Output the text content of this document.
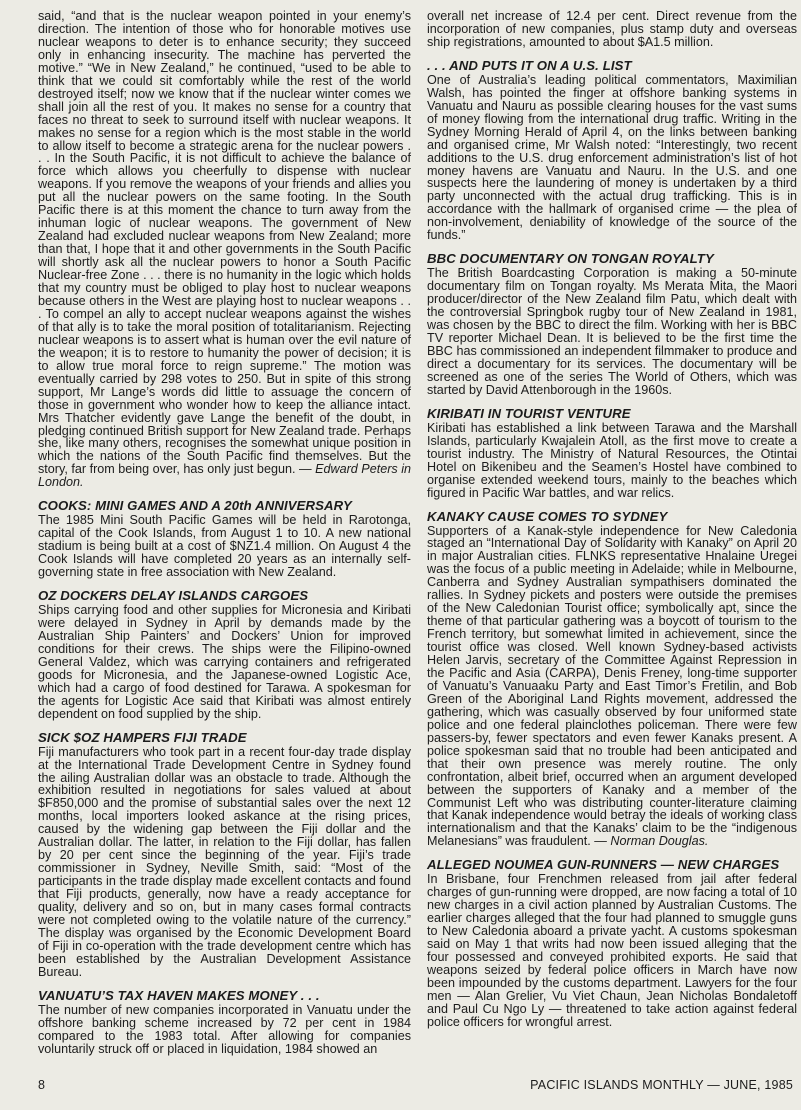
said, “and that is the nuclear weapon pointed in your enemy’s direction. The intention of those who for honorable motives use nuclear weapons to deter is to enhance security; they succeed only in enhancing insecurity. The machine has perverted the motive.” “We in New Zealand,” he continued, “used to be able to think that we could sit comfortably while the rest of the world destroyed itself; now we know that if the nuclear winter comes we shall join all the rest of you. It makes no sense for a country that faces no threat to seek to surround itself with nuclear weapons. It makes no sense for a region which is the most stable in the world to allow itself to become a strategic arena for the nuclear powers . . . In the South Pacific, it is not difficult to achieve the balance of force which allows you cheerfully to dispense with nuclear weapons. If you remove the weapons of your friends and allies you put all the nuclear powers on the same footing. In the South Pacific there is at this moment the chance to turn away from the inhuman logic of nuclear weapons. The government of New Zealand had excluded nuclear weapons from New Zealand; more than that, I hope that it and other governments in the South Pacific will shortly ask all the nuclear powers to honor a South Pacific Nuclear-free Zone . . . there is no humanity in the logic which holds that my country must be obliged to play host to nuclear weapons because others in the West are playing host to nuclear weapons . . . To compel an ally to accept nuclear weapons against the wishes of that ally is to take the moral position of totalitarianism. Rejecting nuclear weapons is to assert what is human over the evil nature of the weapon; it is to restore to humanity the power of decision; it is to allow true moral force to reign supreme.” The motion was eventually carried by 298 votes to 250. But in spite of this strong support, Mr Lange’s words did little to assuage the concern of those in government who wonder how to keep the alliance intact. Mrs Thatcher evidently gave Lange the benefit of the doubt, in pledging continued British support for New Zealand trade. Perhaps she, like many others, recognises the somewhat unique position in which the nations of the South Pacific find themselves. But the story, far from being over, has only just begun. — Edward Peters in London.

COOKS: MINI GAMES AND A 20th ANNIVERSARY

The 1985 Mini South Pacific Games will be held in Rarotonga, capital of the Cook Islands, from August 1 to 10. A new national stadium is being built at a cost of $NZ1.4 million. On August 4 the Cook Islands will have completed 20 years as an internally self-governing state in free association with New Zealand.

OZ DOCKERS DELAY ISLANDS CARGOES

Ships carrying food and other supplies for Micronesia and Kiribati were delayed in Sydney in April by demands made by the Australian Ship Painters’ and Dockers’ Union for improved conditions for their crews. The ships were the Filipino-owned General Valdez, which was carrying containers and refrigerated goods for Micronesia, and the Japanese-owned Logistic Ace, which had a cargo of food destined for Tarawa. A spokesman for the agents for Logistic Ace said that Kiribati was almost entirely dependent on food supplied by the ship.

SICK $OZ HAMPERS FIJI TRADE

Fiji manufacturers who took part in a recent four-day trade display at the International Trade Development Centre in Sydney found the ailing Australian dollar was an obstacle to trade. Although the exhibition resulted in negotiations for sales valued at about $F850,000 and the promise of substantial sales over the next 12 months, local importers looked askance at the rising prices, caused by the widening gap between the Fiji dollar and the Australian dollar. The latter, in relation to the Fiji dollar, has fallen by 20 per cent since the beginning of the year. Fiji’s trade commissioner in Sydney, Neville Smith, said: “Most of the participants in the trade display made excellent contacts and found that Fiji products, generally, now have a ready acceptance for quality, delivery and so on, but in many cases formal contracts were not completed owing to the volatile nature of the currency.” The display was organised by the Economic Development Board of Fiji in co-operation with the trade development centre which has been established by the Australian Development Assistance Bureau.

VANUATU’S TAX HAVEN MAKES MONEY . . .

The number of new companies incorporated in Vanuatu under the offshore banking scheme increased by 72 per cent in 1984 compared to the 1983 total. After allowing for companies voluntarily struck off or placed in liquidation, 1984 showed an

overall net increase of 12.4 per cent. Direct revenue from the incorporation of new companies, plus stamp duty and overseas ship registrations, amounted to about $A1.5 million.

. . . AND PUTS IT ON A U.S. LIST

One of Australia’s leading political commentators, Maximilian Walsh, has pointed the finger at offshore banking systems in Vanuatu and Nauru as possible clearing houses for the vast sums of money flowing from the international drug traffic. Writing in the Sydney Morning Herald of April 4, on the links between banking and organised crime, Mr Walsh noted: “Interestingly, two recent additions to the U.S. drug enforcement administration’s list of hot money havens are Vanuatu and Nauru. In the U.S. and one suspects here the laundering of money is undertaken by a third party unconnected with the actual drug trafficking. This is in accordance with the hallmark of organised crime — the plea of non-involvement, deniability of knowledge of the source of the funds.”

BBC DOCUMENTARY ON TONGAN ROYALTY

The British Boardcasting Corporation is making a 50-minute documentary film on Tongan royalty. Ms Merata Mita, the Maori producer/director of the New Zealand film Patu, which dealt with the controversial Springbok rugby tour of New Zealand in 1981, was chosen by the BBC to direct the film. Working with her is BBC TV reporter Michael Dean. It is believed to be the first time the BBC has commissioned an independent filmmaker to produce and direct a documentary for its services. The documentary will be screened as one of the series The World of Others, which was started by David Attenborough in the 1960s.

KIRIBATI IN TOURIST VENTURE

Kiribati has established a link between Tarawa and the Marshall Islands, particularly Kwajalein Atoll, as the first move to create a tourist industry. The Ministry of Natural Resources, the Otintai Hotel on Bikenibeu and the Seamen’s Hostel have combined to organise extended weekend tours, mainly to the beaches which figured in Pacific War battles, and war relics.

KANAKY CAUSE COMES TO SYDNEY

Supporters of a Kanak-style independence for New Caledonia staged an “International Day of Solidarity with Kanaky” on April 20 in major Australian cities. FLNKS representative Hnalaine Uregei was the focus of a public meeting in Adelaide; while in Melbourne, Canberra and Sydney Australian sympathisers dominated the rallies. In Sydney pickets and posters were outside the premises of the New Caledonian Tourist office; symbolically apt, since the theme of that particular gathering was a boycott of tourism to the French territory, but somewhat limited in achievement, since the tourist office was closed. Well known Sydney-based activists Helen Jarvis, secretary of the Committee Against Repression in the Pacific and Asia (CARPA), Denis Freney, long-time supporter of Vanuatu’s Vanuaaku Party and East Timor’s Fretilin, and Bob Green of the Aboriginal Land Rights movement, addressed the gathering, which was casually observed by four uniformed state police and one federal plainclothes policeman. There were few passers-by, fewer spectators and even fewer Kanaks present. A police spokesman said that no trouble had been anticipated and that their own presence was merely routine. The only confrontation, albeit brief, occurred when an argument developed between the supporters of Kanaky and a member of the Communist Left who was distributing counter-literature claiming that Kanak independence would betray the ideals of working class internationalism and that the Kanaks’ claim to be the “indigenous Melanesians” was fraudulent. — Norman Douglas.

ALLEGED NOUMEA GUN-RUNNERS — NEW CHARGES

In Brisbane, four Frenchmen released from jail after federal charges of gun-running were dropped, are now facing a total of 10 new charges in a civil action planned by Australian Customs. The earlier charges alleged that the four had planned to smuggle guns to New Caledonia aboard a private yacht. A customs spokesman said on May 1 that writs had now been issued alleging that the four possessed and conveyed prohibited exports. He said that weapons seized by federal police officers in March have now been impounded by the customs department. Lawyers for the four men — Alan Grelier, Vu Viet Chaun, Jean Nicholas Bondaletoff and Paul Cu Ngo Ly — threatened to take action against federal police officers for wrongful arrest.

8	PACIFIC ISLANDS MONTHLY — JUNE, 1985
